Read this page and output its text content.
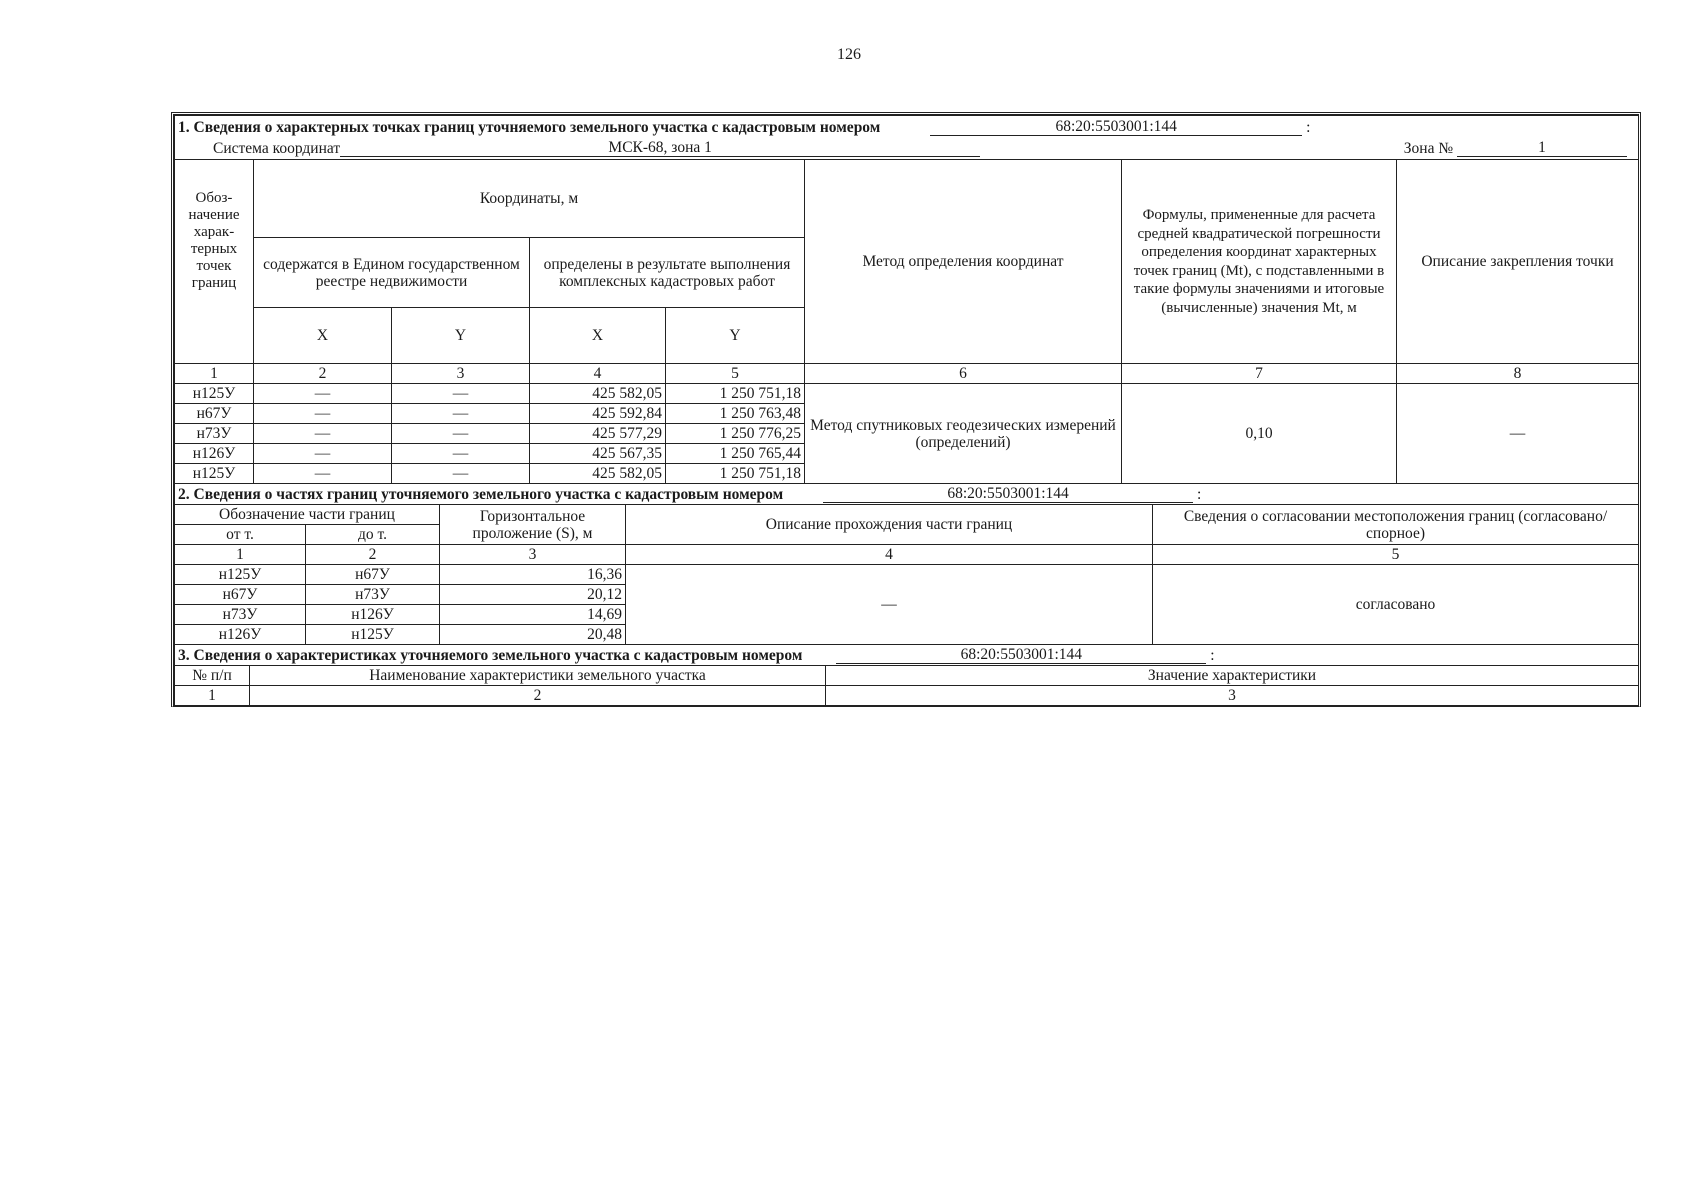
126
1. Сведения о характерных точках границ уточняемого земельного участка с кадастровым номером 68:20:5503001:144 :							
Система координат МСК-68, зона 1 Зона № 1							

Обоз-начение харак-терных точек границ	Координаты, м				Метод определения координат	Формулы, примененные для расчета средней квадратической погрешности определения координат характерных точек границ (Mt), с подставленными в такие формулы значениями и итоговые (вычисленные) значения Mt, м	Описание закрепления точки
	содержатся в Едином государственном реестре недвижимости		определены в результате выполнения комплексных кадастровых работ				
	X	Y	X	Y			
1	2	3	4	5	6	7	8
н125У	—	—	425 582,05	1 250 751,18	Метод спутниковых геодезических измерений (определений)	0,10	—
н67У	—	—	425 592,84	1 250 763,48			
н73У	—	—	425 577,29	1 250 776,25			
н126У	—	—	425 567,35	1 250 765,44			
н125У	—	—	425 582,05	1 250 751,18			
2. Сведения о частях границ уточняемого земельного участка с кадастровым номером 68:20:5503001:144 :				
Обозначение части границ		Горизонтальное проложение (S), м	Описание прохождения части границ	Сведения о согласовании местоположения границ (согласовано/спорное)
от т.	до т.			
1	2	3	4	5
н125У	н67У	16,36	—	согласовано
н67У	н73У	20,12		
н73У	н126У	14,69		
н126У	н125У	20,48		
3. Сведения о характеристиках уточняемого земельного участка с кадастровым номером 68:20:5503001:144 :		
№ п/п	Наименование характеристики земельного участка	Значение характеристики
1	2	3
